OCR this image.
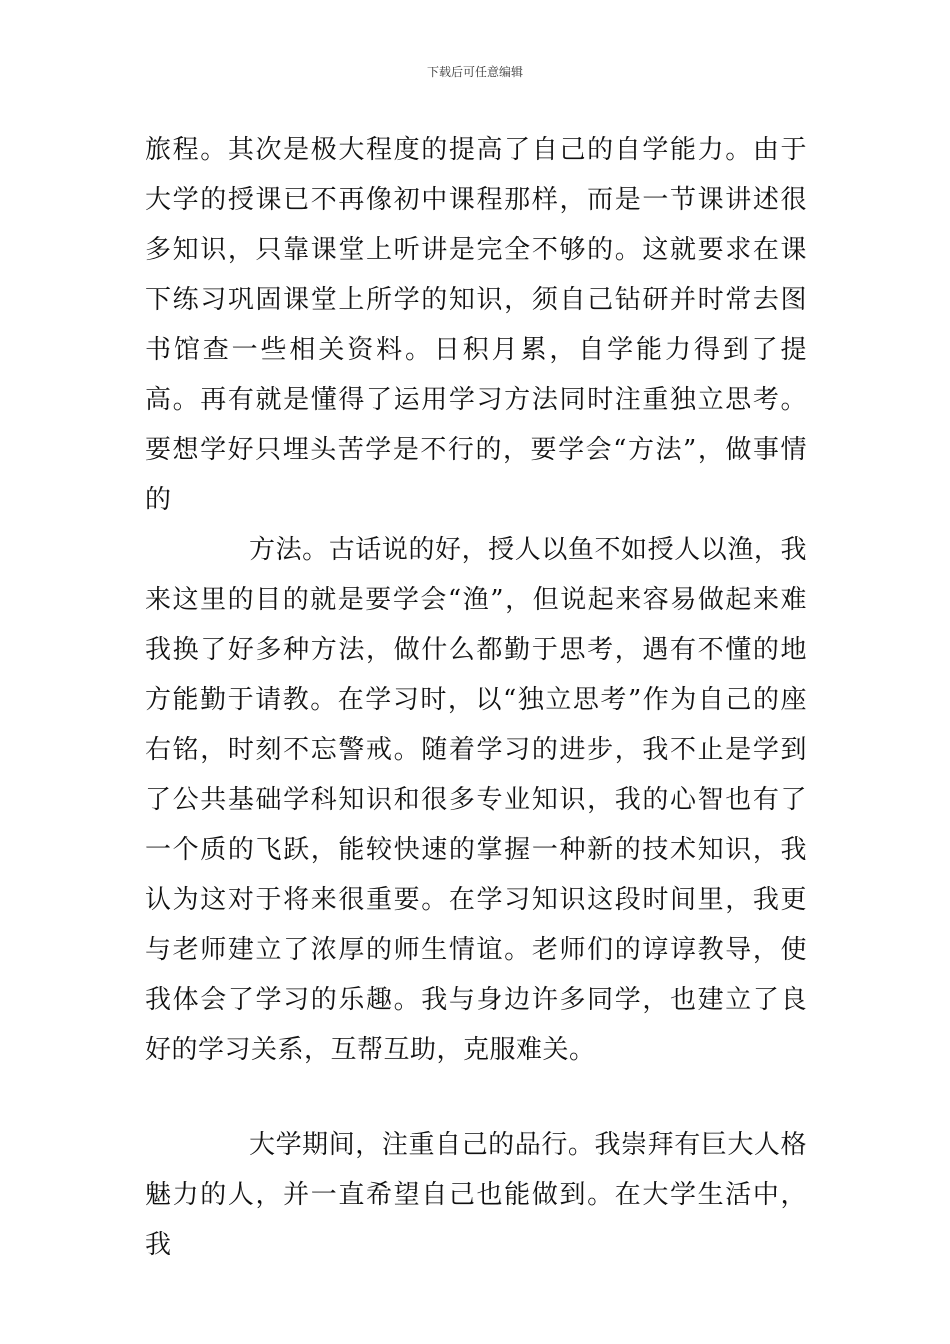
下载后可任意编辑

旅程。其次是极大程度的提高了自己的自学能力。由于大学的授课已不再像初中课程那样，而是一节课讲述很多知识，只靠课堂上听讲是完全不够的。这就要求在课下练习巩固课堂上所学的知识，须自己钻研并时常去图书馆查一些相关资料。日积月累，自学能力得到了提高。再有就是懂得了运用学习方法同时注重独立思考。要想学好只埋头苦学是不行的，要学会“方法”，做事情的

方法。古话说的好，授人以鱼不如授人以渔，我来这里的目的就是要学会“渔”，但说起来容易做起来难我换了好多种方法，做什么都勤于思考，遇有不懂的地方能勤于请教。在学习时，以“独立思考”作为自己的座右铭，时刻不忘警戒。随着学习的进步，我不止是学到了公共基础学科知识和很多专业知识，我的心智也有了一个质的飞跃，能较快速的掌握一种新的技术知识，我认为这对于将来很重要。在学习知识这段时间里，我更与老师建立了浓厚的师生情谊。老师们的谆谆教导，使我体会了学习的乐趣。我与身边许多同学，也建立了良好的学习关系，互帮互助，克服难关。

大学期间，注重自己的品行。我崇拜有巨大人格魅力的人，并一直希望自己也能做到。在大学生活中，我
